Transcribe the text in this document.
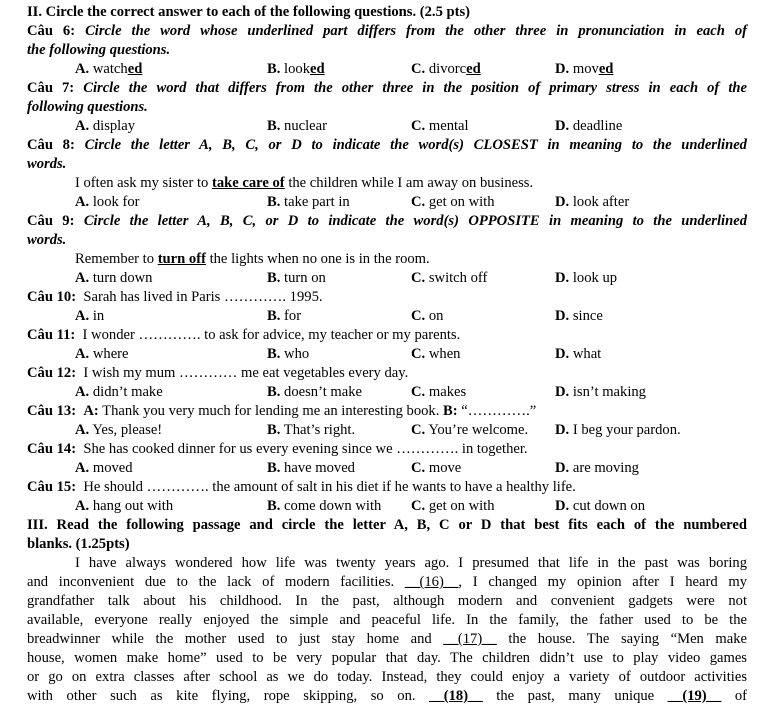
II. Circle the correct answer to each of the following questions. (2.5 pts)
Câu 6: Circle the word whose underlined part differs from the other three in pronunciation in each of
the following questions.
A. watched	B. looked	C. divorced	D. moved
Câu 7: Circle the word that differs from the other three in the position of primary stress in each of the
following questions.
A. display	B. nuclear	C. mental	D. deadline
Câu 8: Circle the letter A, B, C, or D to indicate the word(s) CLOSEST in meaning to the underlined
words.
I often ask my sister to take care of the children while I am away on business.
A. look for	B. take part in	C. get on with	D. look after
Câu 9: Circle the letter A, B, C, or D to indicate the word(s) OPPOSITE in meaning to the underlined
words.
Remember to turn off the lights when no one is in the room.
A. turn down	B. turn on	C. switch off	D. look up
Câu 10: Sarah has lived in Paris …………. 1995.
A. in	B. for	C. on	D. since
Câu 11: I wonder …………. to ask for advice, my teacher or my parents.
A. where	B. who	C. when	D. what
Câu 12: I wish my mum ………… me eat vegetables every day.
A. didn’t make	B. doesn’t make	C. makes	D. isn’t making
Câu 13: A: Thank you very much for lending me an interesting book. B: “………….”
A. Yes, please!	B. That’s right.	C. You’re welcome. D. I beg your pardon.
Câu 14: She has cooked dinner for us every evening since we …………. in together.
A. moved	B. have moved	C. move	D. are moving
Câu 15: He should …………. the amount of salt in his diet if he wants to have a healthy life.
A. hang out with	B. come down with C. get on with	D. cut down on
III. Read the following passage and circle the letter A, B, C or D that best fits each of the numbered
blanks. (1.25pts)
I have always wondered how life was twenty years ago. I presumed that life in the past was boring
and inconvenient due to the lack of modern facilities. __(16)__, I changed my opinion after I heard my
grandfather talk about his childhood. In the past, although modern and convenient gadgets were not
available, everyone really enjoyed the simple and peaceful life. In the family, the father used to be the
breadwinner while the mother used to just stay home and __(17)__ the house. The saying “Men make
house, women make home” used to be very popular that day. The children didn’t use to play video games
or go on extra classes after school as we do today. Instead, they could enjoy a variety of outdoor activities
with other such as kite flying, rope skipping, so on. __(18)__ the past, many unique __(19)__ of
